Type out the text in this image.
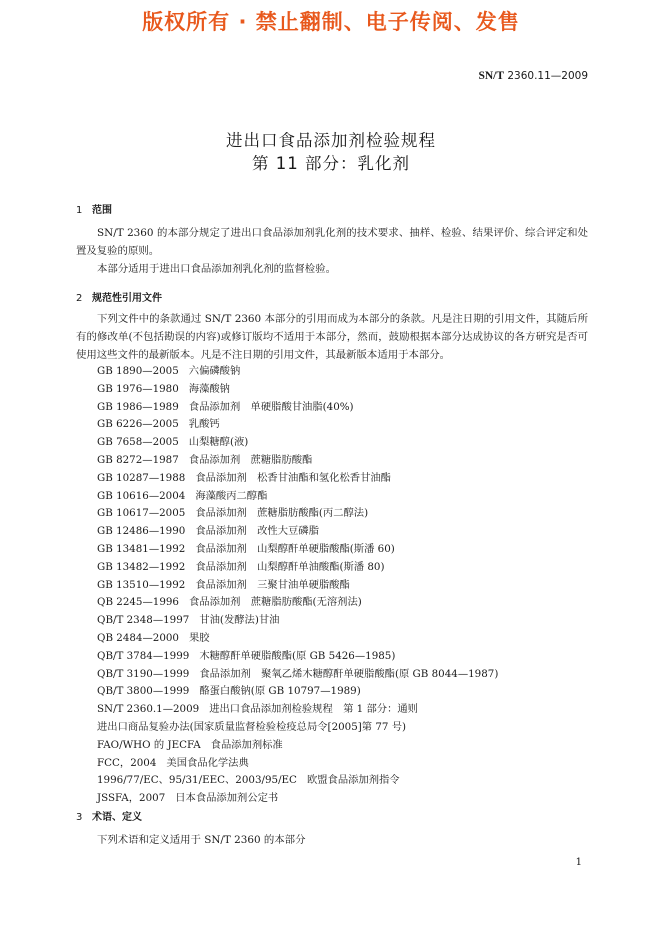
版权所有 · 禁止翻制、电子传阅、发售
SN/T 2360.11—2009
进出口食品添加剂检验规程
第 11 部分：乳化剂
1 范围
SN/T 2360 的本部分规定了进出口食品添加剂乳化剂的技术要求、抽样、检验、结果评价、综合评定和处置及复验的原则。
本部分适用于进出口食品添加剂乳化剂的监督检验。
2 规范性引用文件
下列文件中的条款通过 SN/T 2360 本部分的引用而成为本部分的条款。凡是注日期的引用文件，其随后所有的修改单(不包括勘误的内容)或修订版均不适用于本部分，然而，鼓励根据本部分达成协议的各方研究是否可使用这些文件的最新版本。凡是不注日期的引用文件，其最新版本适用于本部分。
GB 1890—2005 六偏磷酸钠
GB 1976—1980 海藻酸钠
GB 1986—1989 食品添加剂　单硬脂酸甘油脂(40%)
GB 6226—2005 乳酸钙
GB 7658—2005 山梨糖醇(液)
GB 8272—1987 食品添加剂　蔗糖脂肪酸酯
GB 10287—1988 食品添加剂　松香甘油酯和氢化松香甘油酯
GB 10616—2004 海藻酸丙二醇酯
GB 10617—2005 食品添加剂　蔗糖脂肪酸酯(丙二醇法)
GB 12486—1990 食品添加剂　改性大豆磷脂
GB 13481—1992 食品添加剂　山梨醇酐单硬脂酸酯(斯潘 60)
GB 13482—1992 食品添加剂　山梨醇酐单油酸酯(斯潘 80)
GB 13510—1992 食品添加剂　三聚甘油单硬脂酸酯
QB 2245—1996 食品添加剂　蔗糖脂肪酸酯(无溶剂法)
QB/T 2348—1997 甘油(发酵法)甘油
QB 2484—2000 果胶
QB/T 3784—1999 木糖醇酐单硬脂酸酯(原 GB 5426—1985)
QB/T 3190—1999 食品添加剂　聚氧乙烯木糖醇酐单硬脂酸酯(原 GB 8044—1987)
QB/T 3800—1999 酪蛋白酸钠(原 GB 10797—1989)
SN/T 2360.1—2009 进出口食品添加剂检验规程　第 1 部分：通则
进出口商品复验办法(国家质量监督检验检疫总局令[2005]第 77 号)
FAO/WHO 的 JECFA 食品添加剂标准
FCC，2004 美国食品化学法典
1996/77/EC、95/31/EEC、2003/95/EC 欧盟食品添加剂指令
JSSFA，2007 日本食品添加剂公定书
3 术语、定义
下列术语和定义适用于 SN/T 2360 的本部分
1
